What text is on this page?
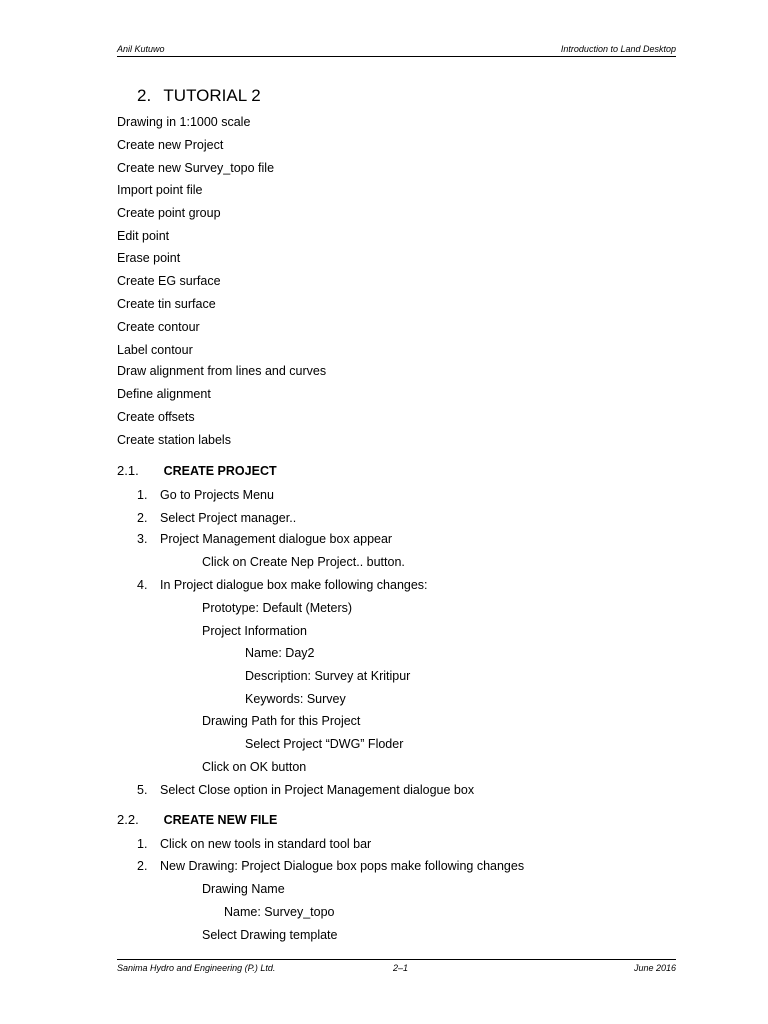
Anil Kutuwo	Introduction to Land Desktop
2. TUTORIAL 2
Drawing in 1:1000 scale
Create new Project
Create new Survey_topo file
Import point file
Create point group
Edit point
Erase point
Create EG surface
Create tin surface
Create contour
Label contour
Draw alignment from lines and curves
Define alignment
Create offsets
Create station labels
2.1. CREATE PROJECT
1. Go to Projects Menu
2. Select Project manager..
3. Project Management dialogue box appear
Click on Create Nep Project.. button.
4. In Project dialogue box make following changes:
Prototype: Default (Meters)
Project Information
Name: Day2
Description: Survey at Kritipur
Keywords: Survey
Drawing Path for this Project
Select Project “DWG” Floder
Click on OK button
5. Select Close option in Project Management dialogue box
2.2. CREATE NEW FILE
1. Click on new tools in standard tool bar
2. New Drawing: Project Dialogue box pops make following changes
Drawing Name
Name: Survey_topo
Select Drawing template
Sanima Hydro and Engineering (P.) Ltd.	2–1	June 2016
